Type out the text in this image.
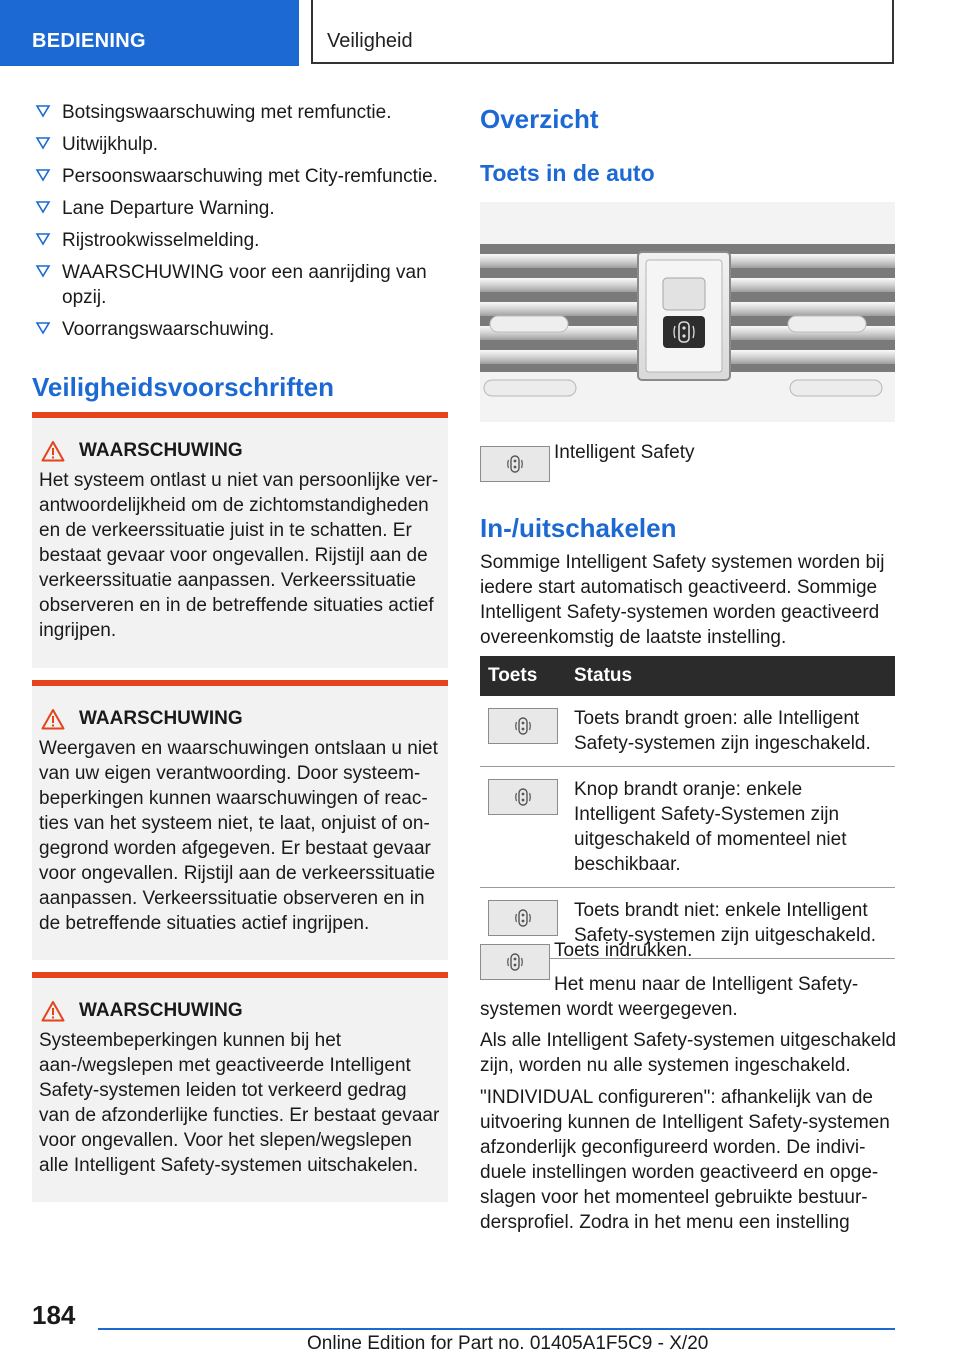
BEDIENING	Veiligheid
Botsingswaarschuwing met remfunctie.
Uitwijkhulp.
Persoonswaarschuwing met City-remfunctie.
Lane Departure Warning.
Rijstrookwisselmelding.
WAARSCHUWING voor een aanrijding van opzij.
Voorrangswaarschuwing.
Veiligheidsvoorschriften
WAARSCHUWING

Het systeem ontlast u niet van persoonlijke verantwoordelijkheid om de zichtomstandigheden en de verkeerssituatie juist in te schatten. Er bestaat gevaar voor ongevallen. Rijstijl aan de verkeerssituatie aanpassen. Verkeerssituatie observeren en in de betreffende situaties actief ingrijpen.

WAARSCHUWING

Weergaven en waarschuwingen ontslaan u niet van uw eigen verantwoording. Door systeembeperkingen kunnen waarschuwingen of reacties van het systeem niet, te laat, onjuist of ongegrond worden afgegeven. Er bestaat gevaar voor ongevallen. Rijstijl aan de verkeerssituatie aanpassen. Verkeerssituatie observeren en in de betreffende situaties actief ingrijpen.

WAARSCHUWING

Systeembeperkingen kunnen bij het aan-/wegslepen met geactiveerde Intelligent Safety-systemen leiden tot verkeerd gedrag van de afzonderlijke functies. Er bestaat gevaar voor ongevallen. Voor het slepen/wegslepen alle Intelligent Safety-systemen uitschakelen.

Overzicht
Toets in de auto

Intelligent Safety

In-/uitschakelen

Sommige Intelligent Safety systemen worden bij iedere start automatisch geactiveerd. Sommige Intelligent Safety-systemen worden geactiveerd overeenkomstig de laatste instelling.

Toets	Status

	Toets brandt groen: alle Intelligent Safety-systemen zijn ingeschakeld.

	Knop brandt oranje: enkele Intelligent Safety-Systemen zijn uitgeschakeld of momenteel niet beschikbaar.

	Toets brandt niet: enkele Intelligent Safety-systemen zijn uitgeschakeld.

Toets indrukken.

Het menu naar de Intelligent Safety-systemen wordt weergegeven.

Als alle Intelligent Safety-systemen uitgeschakeld zijn, worden nu alle systemen ingeschakeld.

"INDIVIDUAL configureren": afhankelijk van de uitvoering kunnen de Intelligent Safety-systemen afzonderlijk geconfigureerd worden. De individuele instellingen worden geactiveerd en opgeslagen voor het momenteel gebruikte bestuurdersprofiel. Zodra in het menu een instelling

184
Online Edition for Part no. 01405A1F5C9 - X/20
